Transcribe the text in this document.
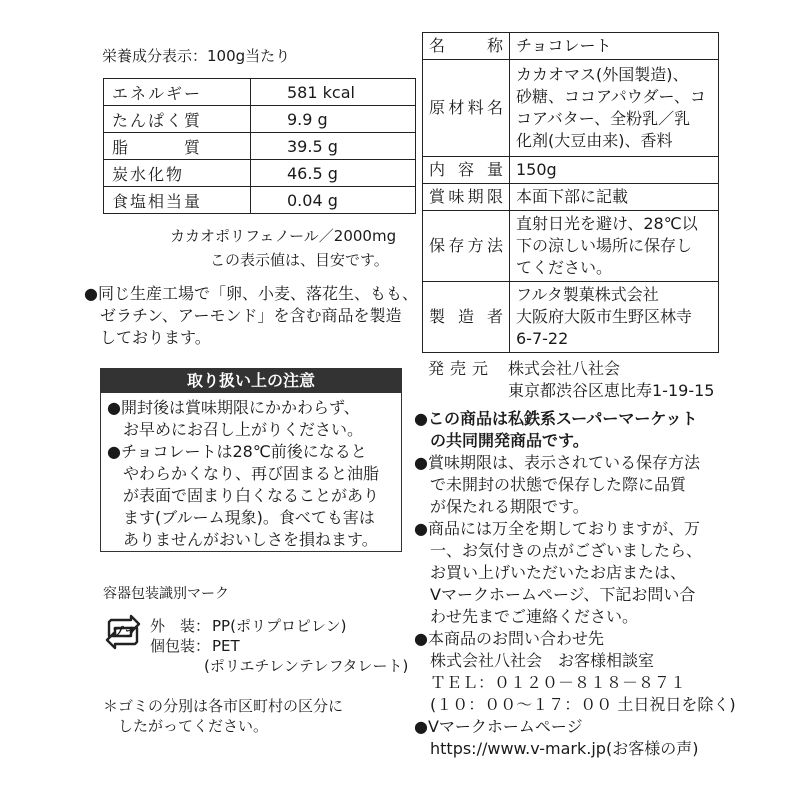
栄養成分表示：100g当たり
エネルギー	581 kcal
たんぱく質	9.9 g
脂　　　質	39.5 g
炭水化物	46.5 g
食塩相当量	0.04 g
カカオポリフェノール／2000mg
この表示値は、目安です。
●同じ生産工場で「卵、小麦、落花生、もも、
ゼラチン、アーモンド」を含む商品を製造
しております。
取り扱い上の注意
●開封後は賞味期限にかかわらず、
お早めにお召し上がりください。
●チョコレートは28℃前後になると
やわらかくなり、再び固まると油脂
が表面で固まり白くなることがあり
ます(ブルーム現象)。食べても害は
ありませんがおいしさを損ねます。
容器包装識別マーク
プラ 外　装： PP(ポリプロピレン)
個包装： PET
(ポリエチレンテレフタレート)
＊ゴミの分別は各市区町村の区分に
したがってください。
名　称	チョコレート
原材料名	カカオマス(外国製造)、
砂糖、ココアパウダー、コ
コアバター、全粉乳／乳
化剤(大豆由来)、香料

内容量	150g
賞味期限	本面下部に記載
保存方法	直射日光を避け、28℃以
下の涼しい場所に保存し
てください。

製造者	フルタ製菓株式会社
大阪府大阪市生野区林寺
6-7-22
発売元 株式会社八社会
東京都渋谷区恵比寿1-19-15
●この商品は私鉄系スーパーマーケット
の共同開発商品です。
●賞味期限は、表示されている保存方法
で未開封の状態で保存した際に品質
が保たれる期限です。
●商品には万全を期しておりますが、万
一、お気付きの点がございましたら、
お買い上げいただいたお店または、
Vマークホームページ、下記お問い合
わせ先までご連絡ください。
●本商品のお問い合わせ先
株式会社八社会　お客様相談室
ＴＥＬ：０１２０－８１８－８７１
(１０：００～１７：００ 土日祝日を除く)
●Vマークホームページ
https://www.v-mark.jp(お客様の声)
